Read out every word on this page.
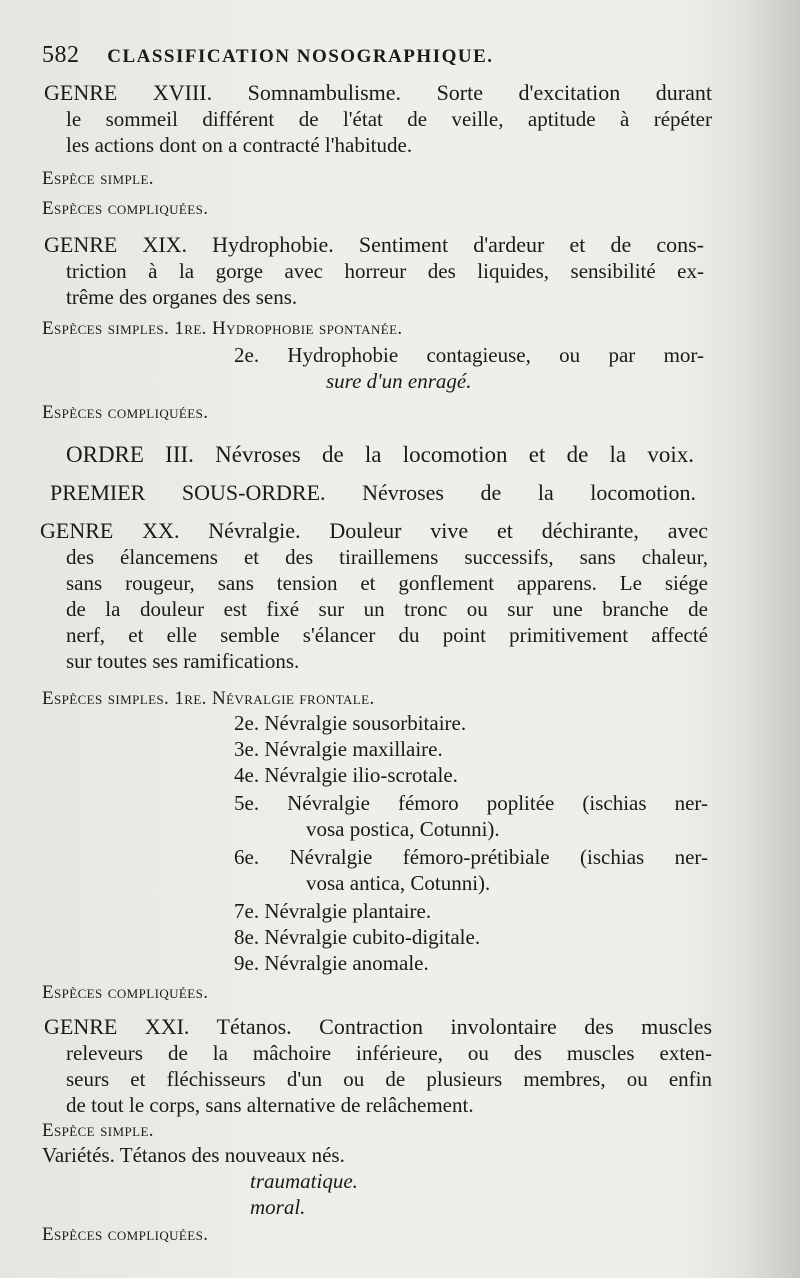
582 CLASSIFICATION NOSOGRAPHIQUE.
GENRE XVIII. Somnambulisme. Sorte d'excitation durant
le sommeil différent de l'état de veille, aptitude à répéter
les actions dont on a contracté l'habitude.
Espèce simple.
Espèces compliquées.
GENRE XIX. Hydrophobie. Sentiment d'ardeur et de cons-
triction à la gorge avec horreur des liquides, sensibilité ex-
trême des organes des sens.
Espèces simples. 1re. Hydrophobie spontanée.
2e. Hydrophobie contagieuse, ou par mor-
sure d'un enragé.
Espèces compliquées.
ORDRE III. Névroses de la locomotion et de la voix.
PREMIER SOUS-ORDRE. Névroses de la locomotion.
GENRE XX. Névralgie. Douleur vive et déchirante, avec
des élancemens et des tiraillemens successifs, sans chaleur,
sans rougeur, sans tension et gonflement apparens. Le siége
de la douleur est fixé sur un tronc ou sur une branche de
nerf, et elle semble s'élancer du point primitivement affecté
sur toutes ses ramifications.
Espèces simples. 1re. Névralgie frontale.
2e. Névralgie sousorbitaire.
3e. Névralgie maxillaire.
4e. Névralgie ilio-scrotale.
5e. Névralgie fémoro poplitée (ischias ner-
vosa postica, Cotunni).
6e. Névralgie fémoro-prétibiale (ischias ner-
vosa antica, Cotunni).
7e. Névralgie plantaire.
8e. Névralgie cubito-digitale.
9e. Névralgie anomale.
Espèces compliquées.
GENRE XXI. Tétanos. Contraction involontaire des muscles
releveurs de la mâchoire inférieure, ou des muscles exten-
seurs et fléchisseurs d'un ou de plusieurs membres, ou enfin
de tout le corps, sans alternative de relâchement.
Espèce simple.
Variétés. Tétanos des nouveaux nés.
traumatique.
moral.
Espèces compliquées.
